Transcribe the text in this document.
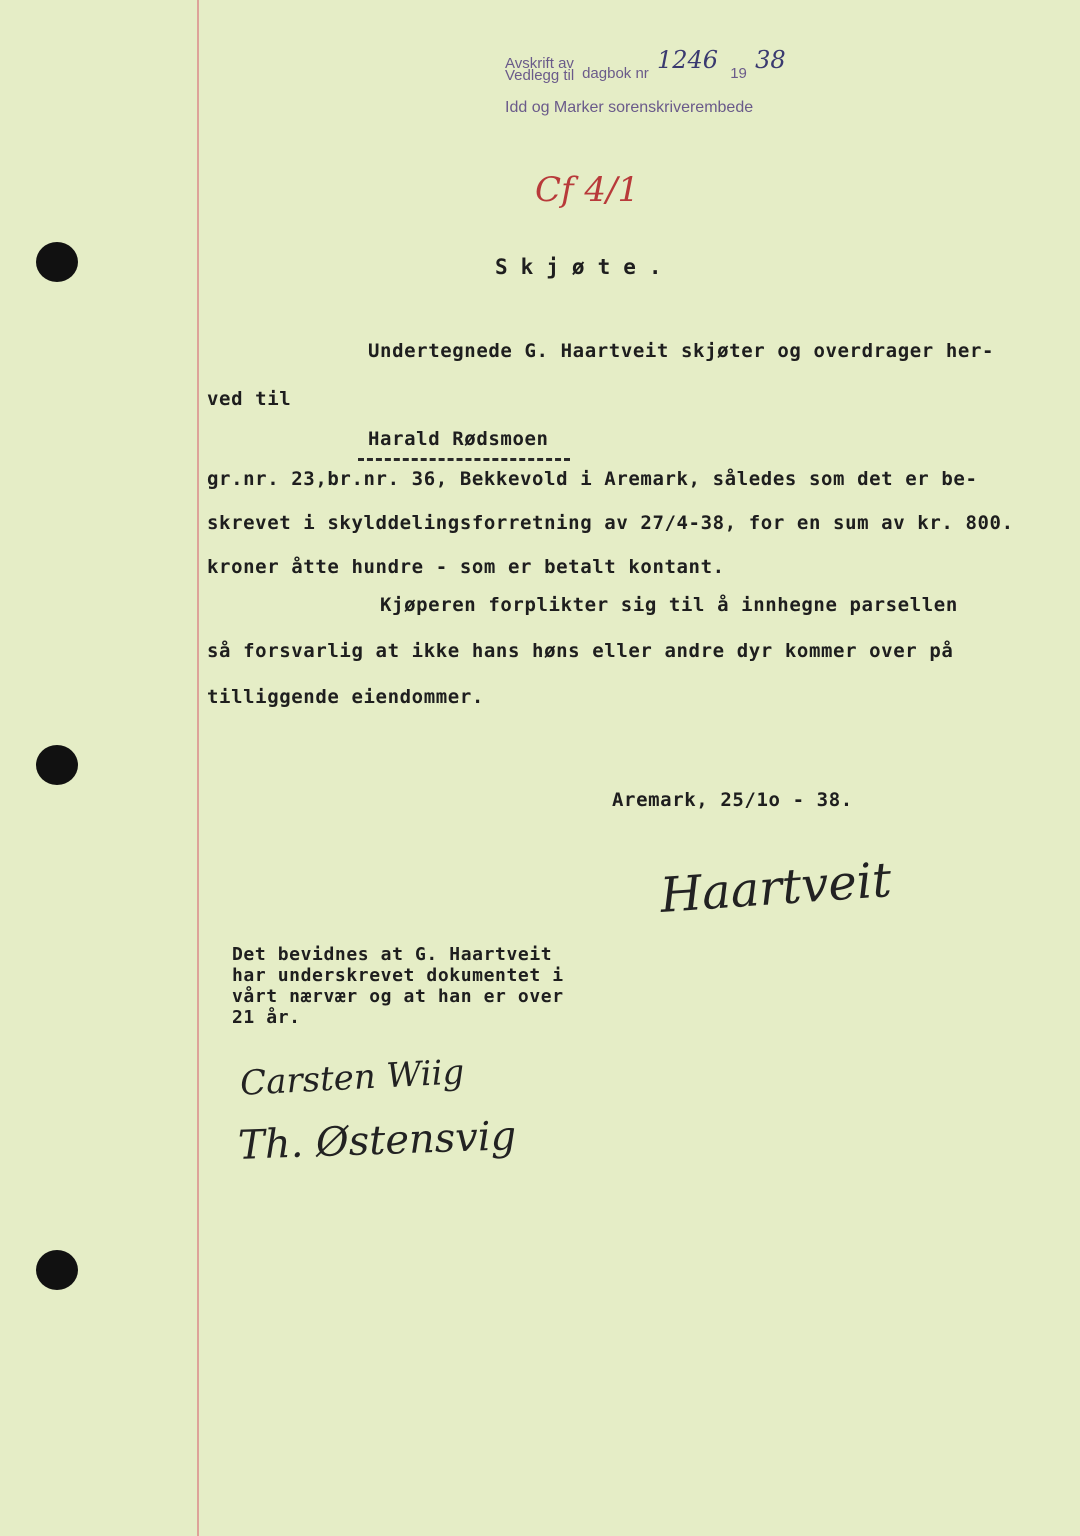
Avskrift av dagbok nr 1246 19 38
Vedlegg til
Idd og Marker sorenskriverembede
Cf 4/1
Skjøte.
Undertegnede G. Haartveit skjøter og overdrager her-
ved til
Harald Rødsmoen
gr.nr. 23,br.nr. 36, Bekkevold i Aremark, således som det er be-
skrevet i skylddelingsforretning av 27/4-38, for en sum av kr. 800.
kroner åtte hundre - som er betalt kontant.
Kjøperen forplikter sig til å innhegne parsellen
så forsvarlig at ikke hans høns eller andre dyr kommer over på
tilliggende eiendommer.
Aremark, 25/1o - 38.
Haartveit
Det bevidnes at G. Haartveit
har underskrevet dokumentet i
vårt nærvær og at han er over
21 år.
Carsten Wiig
Th. Østensvig
